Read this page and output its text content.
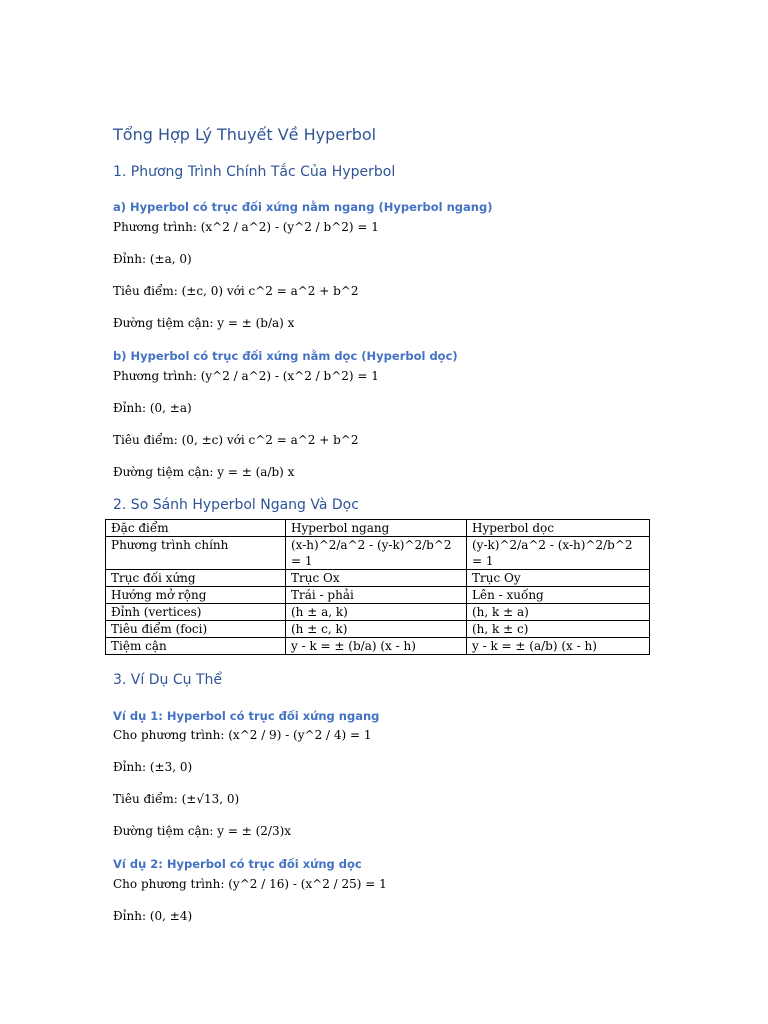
Tổng Hợp Lý Thuyết Về Hyperbol
1. Phương Trình Chính Tắc Của Hyperbol
a) Hyperbol có trục đối xứng nằm ngang (Hyperbol ngang)
Phương trình: (x^2 / a^2) - (y^2 / b^2) = 1
Đỉnh: (±a, 0)
Tiêu điểm: (±c, 0) với c^2 = a^2 + b^2
Đường tiệm cận: y = ± (b/a) x
b) Hyperbol có trục đối xứng nằm dọc (Hyperbol dọc)
Phương trình: (y^2 / a^2) - (x^2 / b^2) = 1
Đỉnh: (0, ±a)
Tiêu điểm: (0, ±c) với c^2 = a^2 + b^2
Đường tiệm cận: y = ± (a/b) x
2. So Sánh Hyperbol Ngang Và Dọc
Đặc điểm	Hyperbol ngang	Hyperbol dọc
Phương trình chính	(x-h)^2/a^2 - (y-k)^2/b^2 = 1	(y-k)^2/a^2 - (x-h)^2/b^2 = 1
Trục đối xứng	Trục Ox	Trục Oy
Hướng mở rộng	Trái - phải	Lên - xuống
Đỉnh (vertices)	(h ± a, k)	(h, k ± a)
Tiêu điểm (foci)	(h ± c, k)	(h, k ± c)
Tiệm cận	y - k = ± (b/a) (x - h)	y - k = ± (a/b) (x - h)
3. Ví Dụ Cụ Thể
Ví dụ 1: Hyperbol có trục đối xứng ngang
Cho phương trình: (x^2 / 9) - (y^2 / 4) = 1
Đỉnh: (±3, 0)
Tiêu điểm: (±√13, 0)
Đường tiệm cận: y = ± (2/3)x
Ví dụ 2: Hyperbol có trục đối xứng dọc
Cho phương trình: (y^2 / 16) - (x^2 / 25) = 1
Đỉnh: (0, ±4)
